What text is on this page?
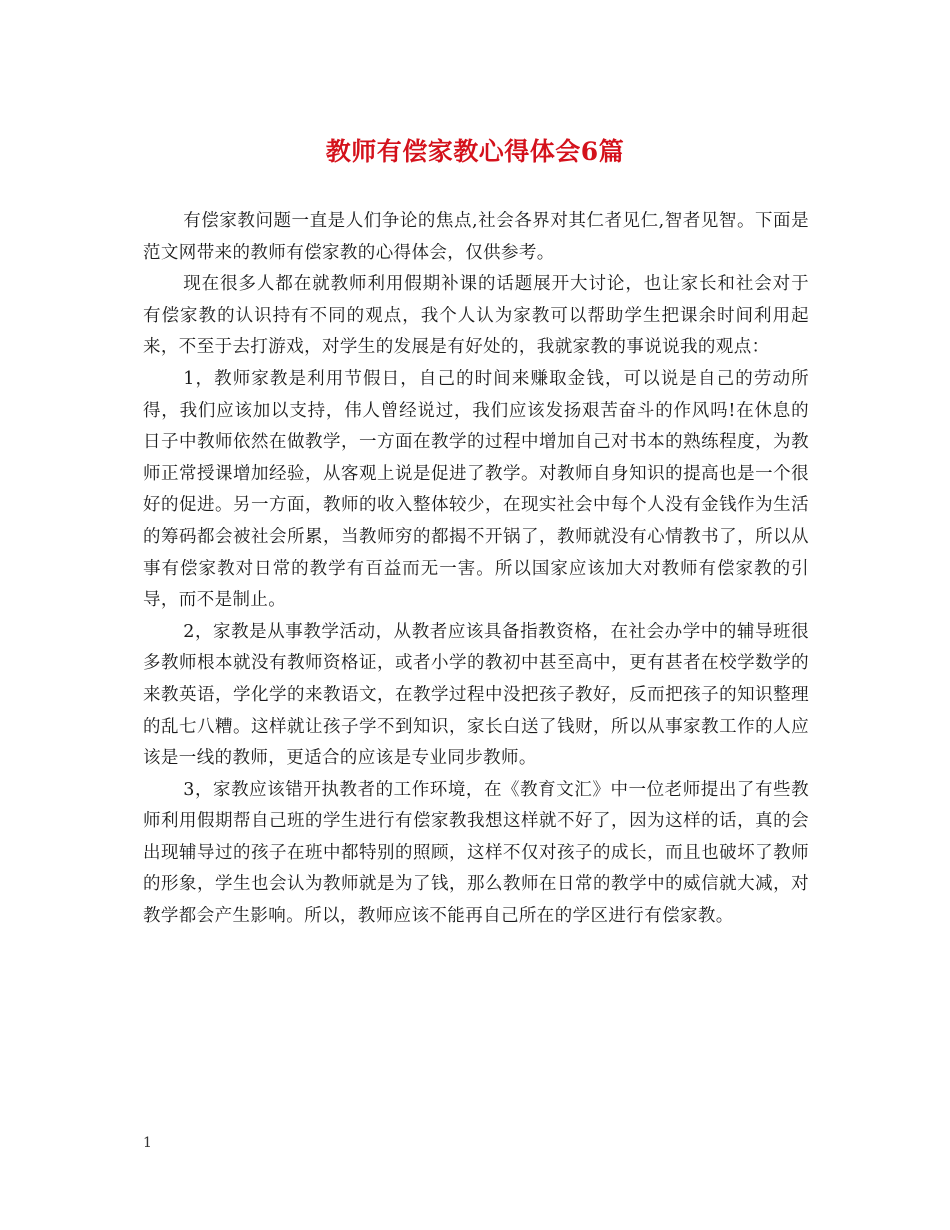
教师有偿家教心得体会6篇

有偿家教问题一直是人们争论的焦点,社会各界对其仁者见仁,智者见智。下面是范文网带来的教师有偿家教的心得体会，仅供参考。

现在很多人都在就教师利用假期补课的话题展开大讨论，也让家长和社会对于有偿家教的认识持有不同的观点，我个人认为家教可以帮助学生把课余时间利用起来，不至于去打游戏，对学生的发展是有好处的，我就家教的事说说我的观点：

1，教师家教是利用节假日，自己的时间来赚取金钱，可以说是自己的劳动所得，我们应该加以支持，伟人曾经说过，我们应该发扬艰苦奋斗的作风吗!在休息的日子中教师依然在做教学，一方面在教学的过程中增加自己对书本的熟练程度，为教师正常授课增加经验，从客观上说是促进了教学。对教师自身知识的提高也是一个很好的促进。另一方面，教师的收入整体较少，在现实社会中每个人没有金钱作为生活的筹码都会被社会所累，当教师穷的都揭不开锅了，教师就没有心情教书了，所以从事有偿家教对日常的教学有百益而无一害。所以国家应该加大对教师有偿家教的引导，而不是制止。

2，家教是从事教学活动，从教者应该具备指教资格，在社会办学中的辅导班很多教师根本就没有教师资格证，或者小学的教初中甚至高中，更有甚者在校学数学的来教英语，学化学的来教语文，在教学过程中没把孩子教好，反而把孩子的知识整理的乱七八糟。这样就让孩子学不到知识，家长白送了钱财，所以从事家教工作的人应该是一线的教师，更适合的应该是专业同步教师。

3，家教应该错开执教者的工作环境，在《教育文汇》中一位老师提出了有些教师利用假期帮自己班的学生进行有偿家教我想这样就不好了，因为这样的话，真的会出现辅导过的孩子在班中都特别的照顾，这样不仅对孩子的成长，而且也破坏了教师的形象，学生也会认为教师就是为了钱，那么教师在日常的教学中的威信就大减，对教学都会产生影响。所以，教师应该不能再自己所在的学区进行有偿家教。

1
